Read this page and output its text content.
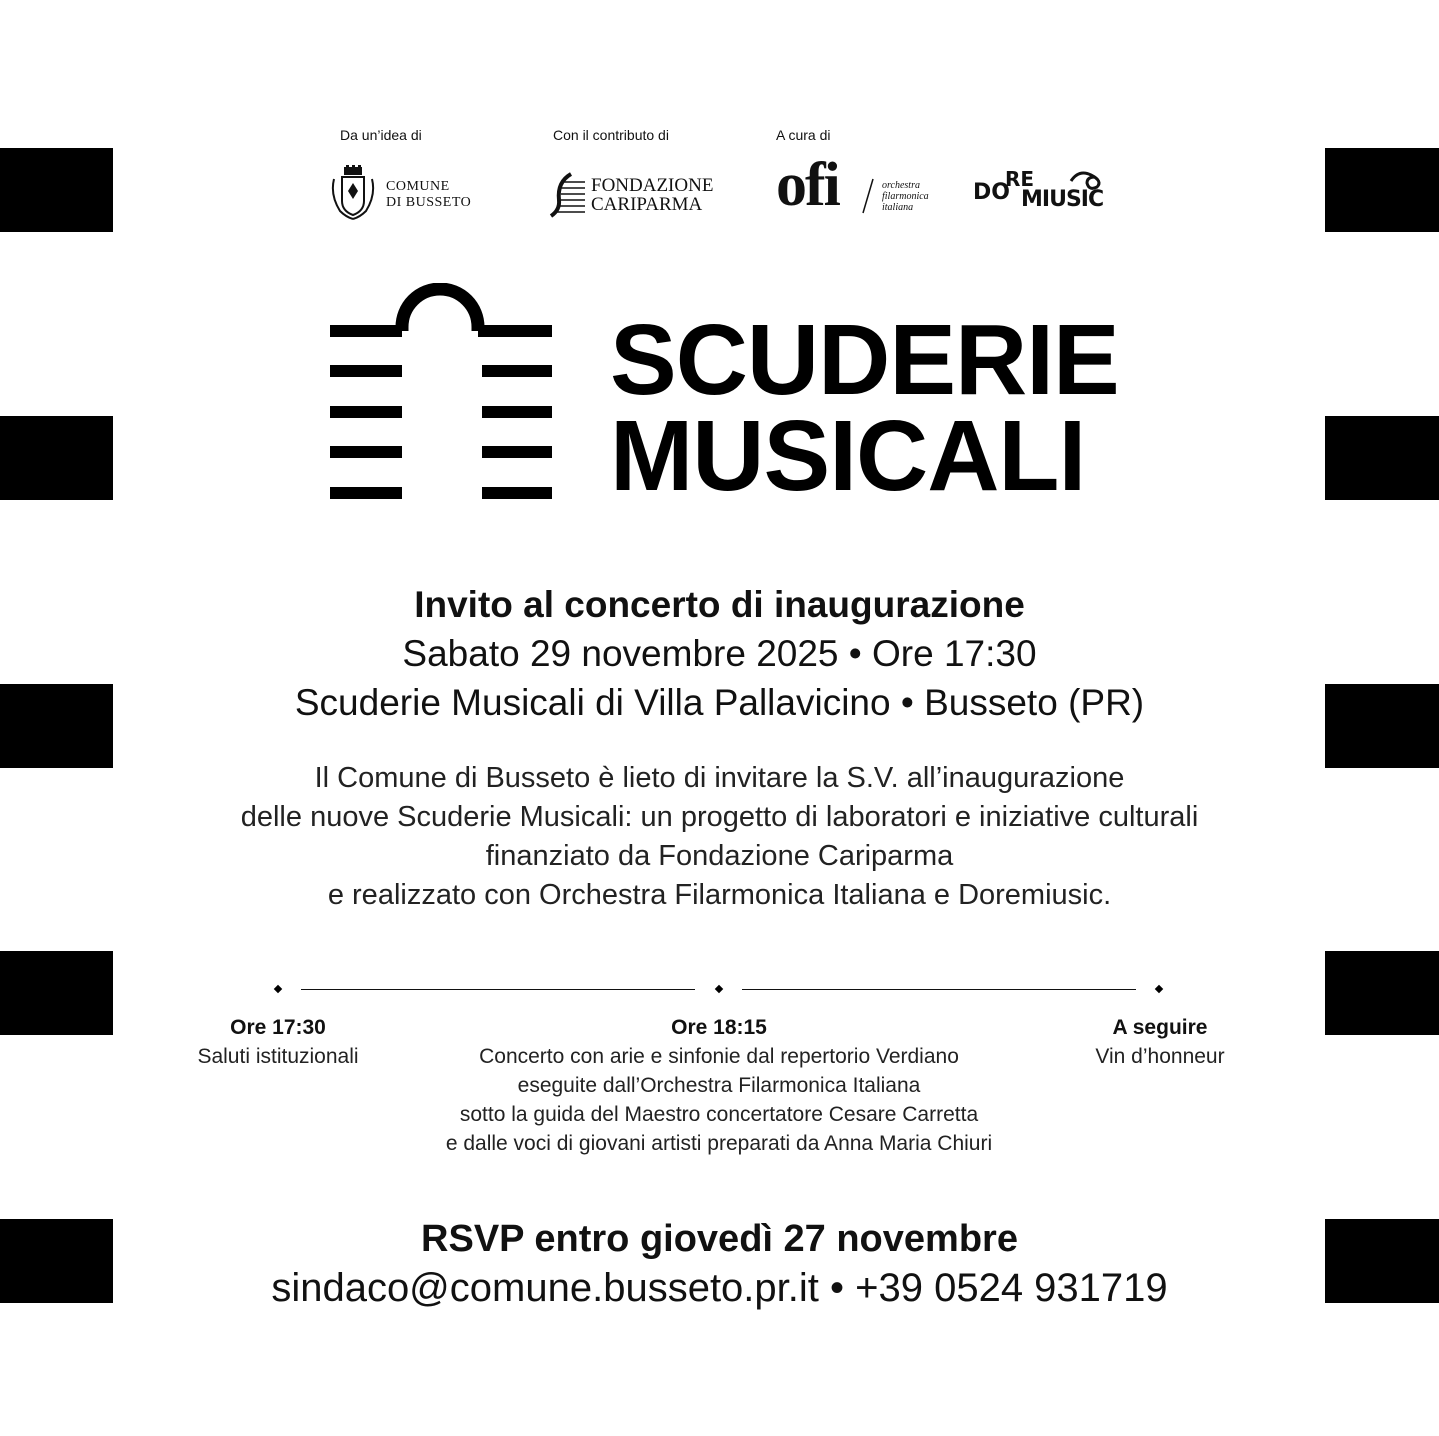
Da un’idea di	Con il contributo di	A cura di
COMUNE
DI BUSSETO
FONDAZIONE
CARIPARMA ofi	orchestra
filarmonica
italiana
DO
RE
MIUSIC
SCUDERIE
MUSICALI
Invito al concerto di inaugurazione
Sabato 29 novembre 2025 • Ore 17:30
Scuderie Musicali di Villa Pallavicino • Busseto (PR)
Il Comune di Busseto è lieto di invitare la S.V. all’inaugurazione
delle nuove Scuderie Musicali: un progetto di laboratori e iniziative culturali
finanziato da Fondazione Cariparma
e realizzato con Orchestra Filarmonica Italiana e Doremiusic.
Ore 17:30
Saluti istituzionali
Ore 18:15
Concerto con arie e sinfonie dal repertorio Verdiano
eseguite dall’Orchestra Filarmonica Italiana
sotto la guida del Maestro concertatore Cesare Carretta
e dalle voci di giovani artisti preparati da Anna Maria Chiuri
A seguire
Vin d’honneur
RSVP entro giovedì 27 novembre
sindaco@comune.busseto.pr.it • +39 0524 931719
